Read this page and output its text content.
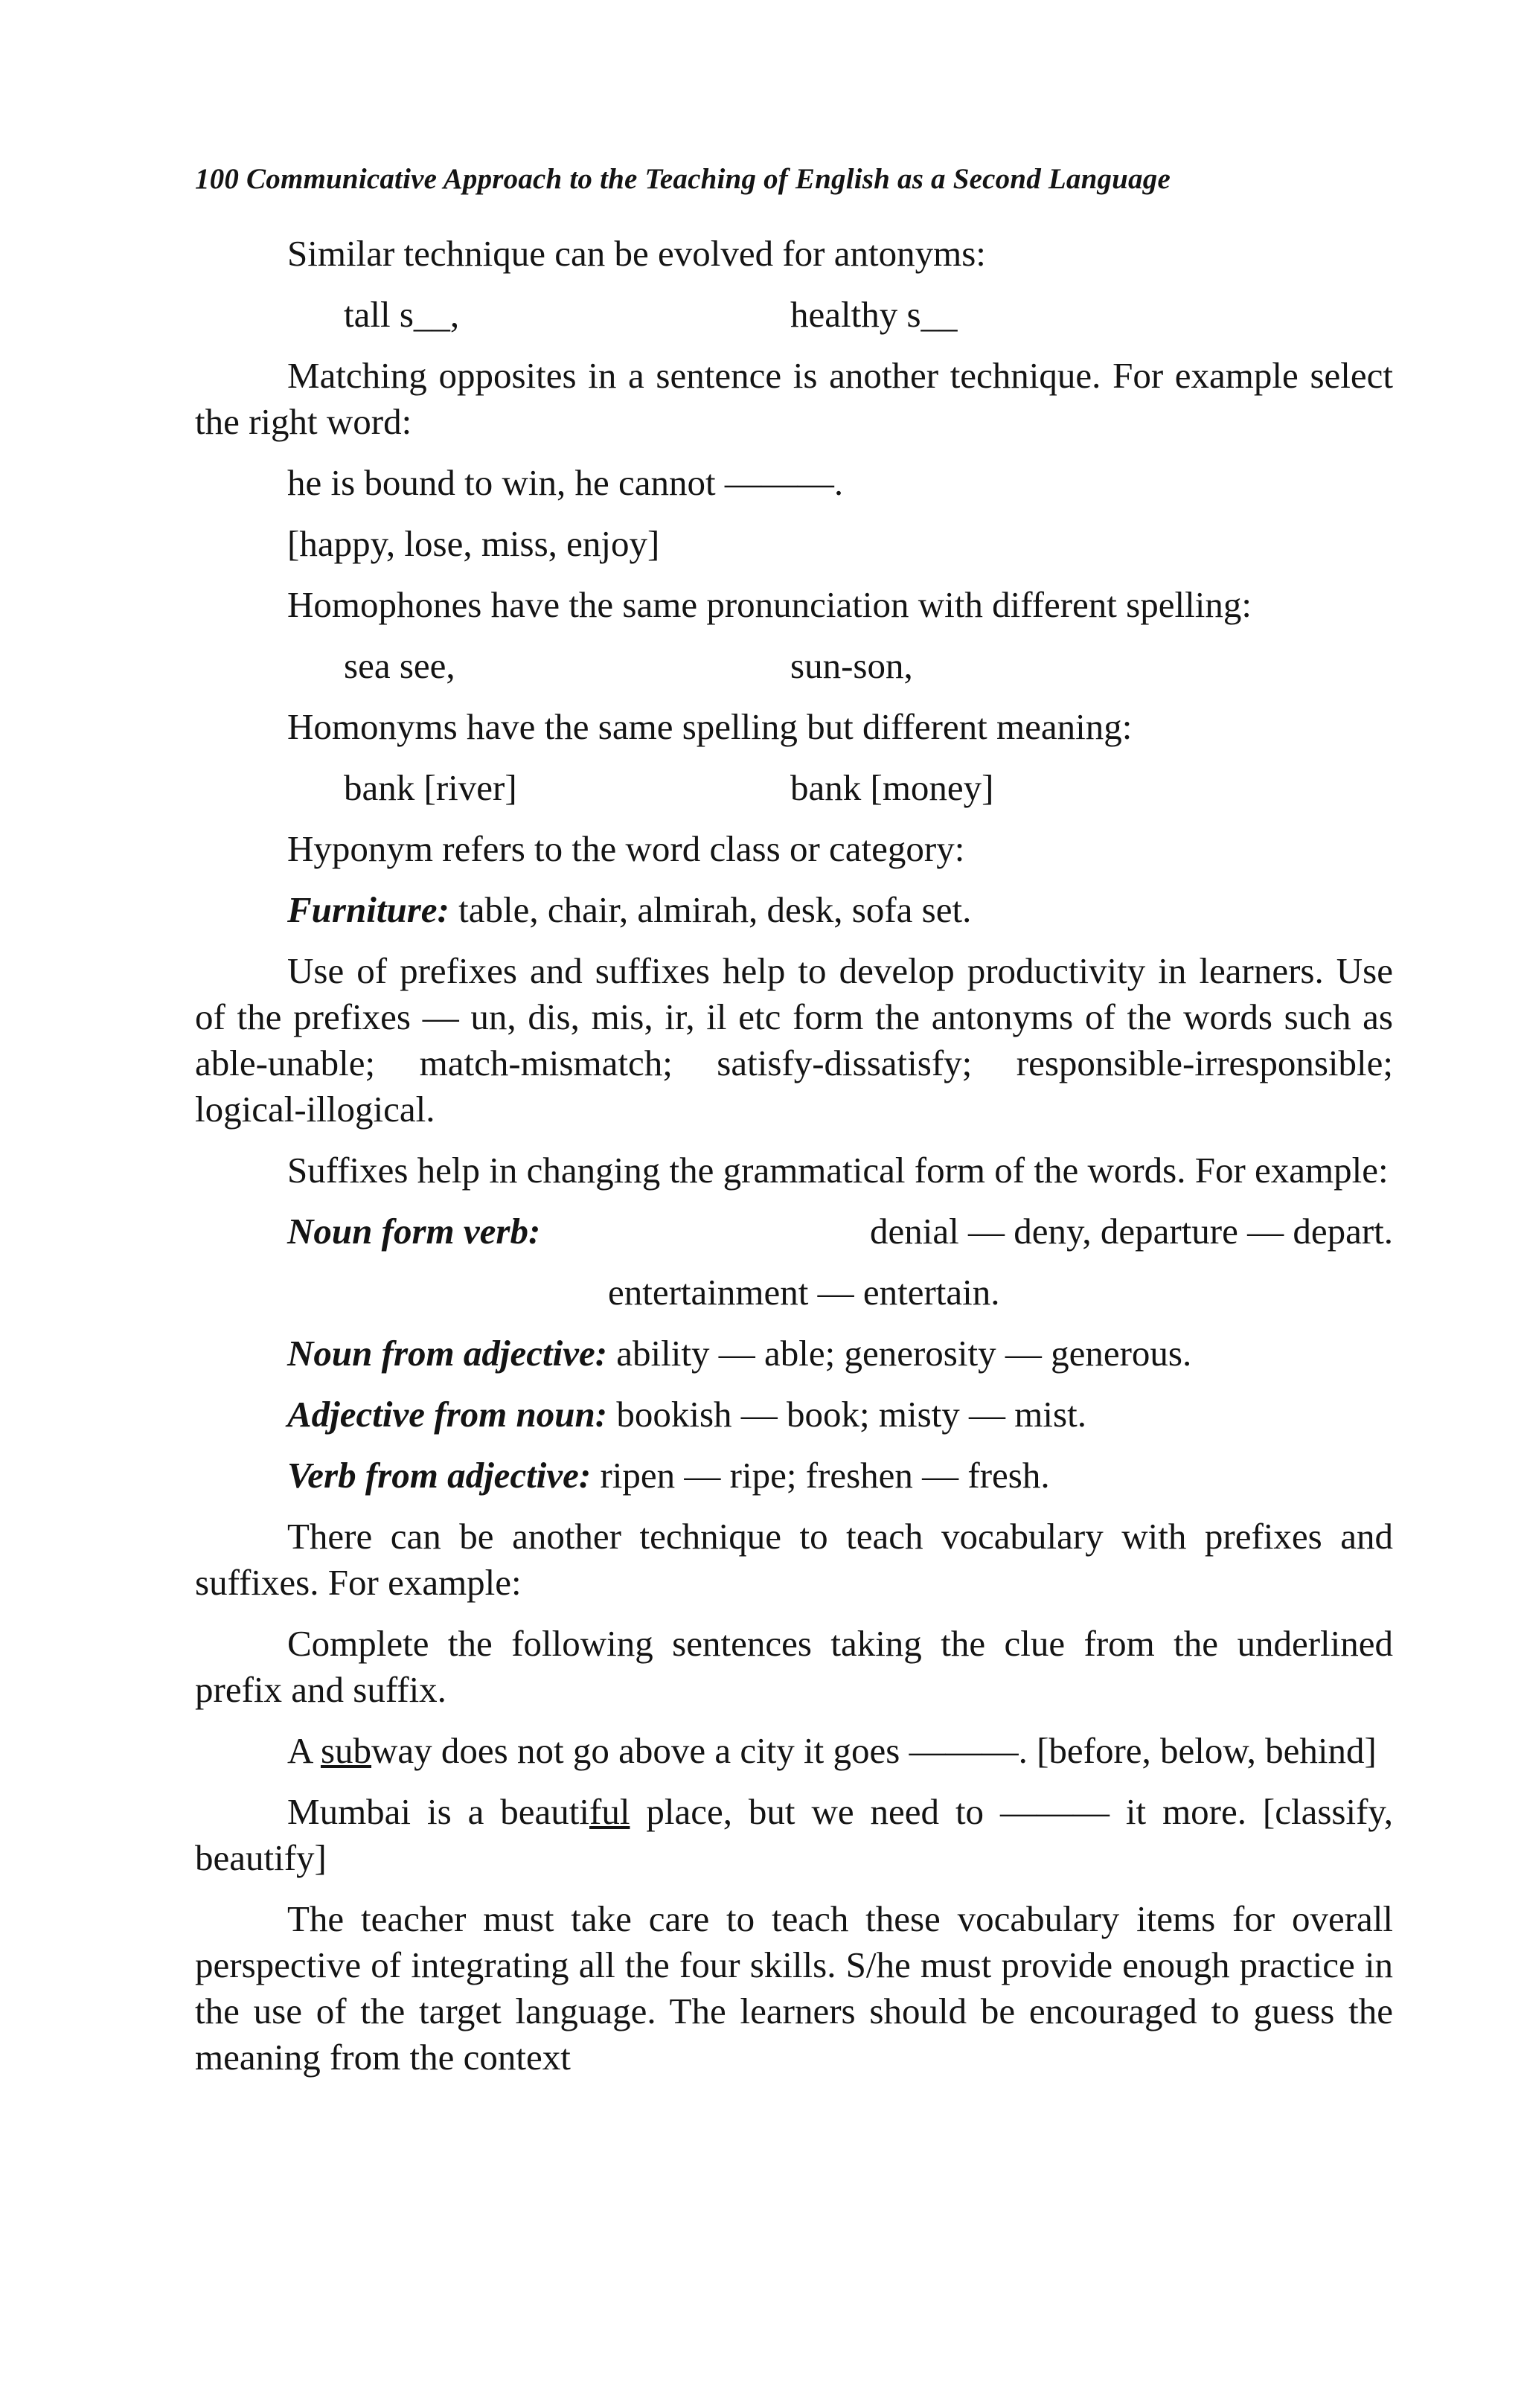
100 Communicative Approach to the Teaching of English as a Second Language

Similar technique can be evolved for antonyms:

tall s__,	healthy s__

Matching opposites in a sentence is another technique. For example select the right word:

he is bound to win, he cannot ———.
[happy, lose, miss, enjoy]

Homophones have the same pronunciation with different spelling:

sea see,	sun-son,
Homonyms have the same spelling but different meaning:
bank [river]	bank [money]
Hyponym refers to the word class or category:
Furniture: table, chair, almirah, desk, sofa set.

Use of prefixes and suffixes help to develop productivity in learners. Use of the prefixes — un, dis, mis, ir, il etc form the antonyms of the words such as able-unable; match-mismatch; satisfy-dissatisfy; responsible-irresponsible; logical-illogical.

Suffixes help in changing the grammatical form of the words. For example:

Noun form verb:	denial — deny, departure — depart.
entertainment — entertain.
Noun from adjective: ability — able; generosity — generous.
Adjective from noun: bookish — book; misty — mist.
Verb from adjective: ripen — ripe; freshen — fresh.

There can be another technique to teach vocabulary with prefixes and suffixes. For example:

Complete the following sentences taking the clue from the underlined prefix and suffix.

A subway does not go above a city it goes ———. [before, below, behind]

Mumbai is a beautiful place, but we need to ——— it more. [classify, beautify]

The teacher must take care to teach these vocabulary items for overall perspective of integrating all the four skills. S/he must provide enough practice in the use of the target language. The learners should be encouraged to guess the meaning from the context
